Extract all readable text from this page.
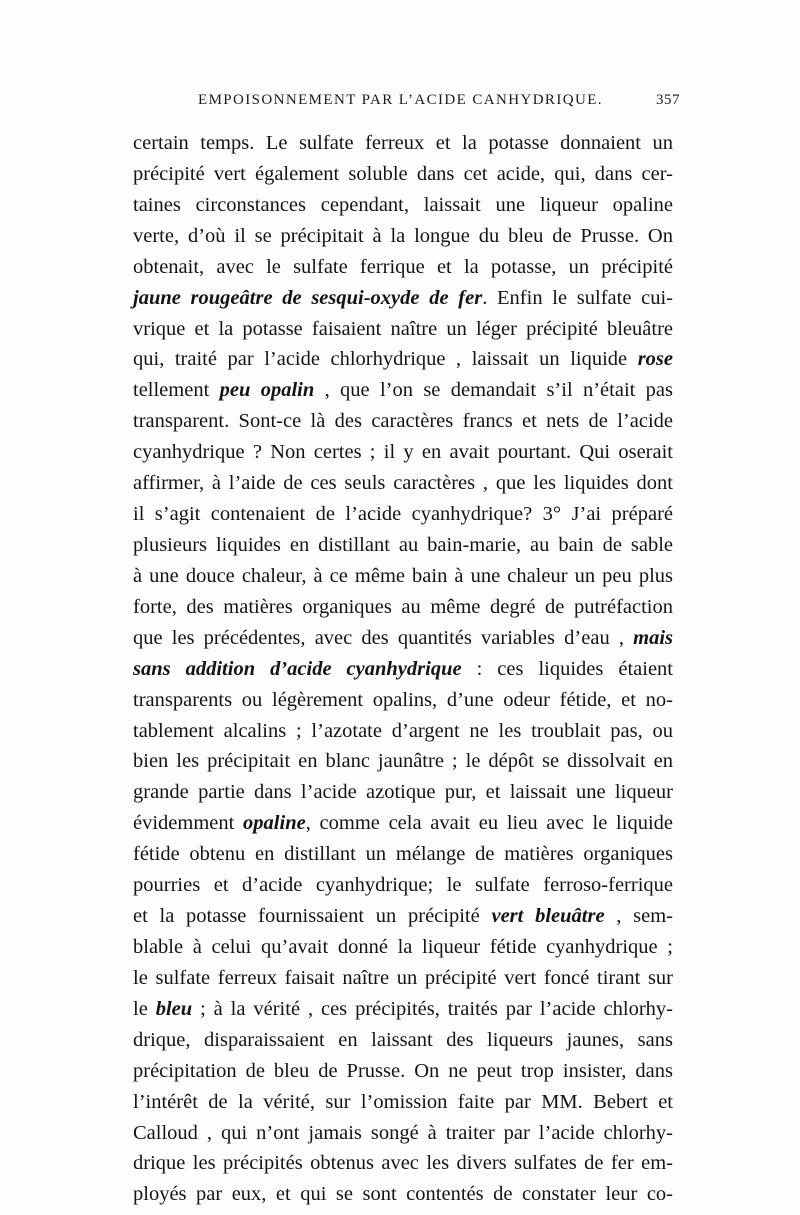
EMPOISONNEMENT PAR L’ACIDE CANHYDRIQUE.	357
certain temps. Le sulfate ferreux et la potasse donnaient un
précipité vert également soluble dans cet acide, qui, dans cer-
taines circonstances cependant, laissait une liqueur opaline
verte, d’où il se précipitait à la longue du bleu de Prusse. On
obtenait, avec le sulfate ferrique et la potasse, un précipité
jaune rougeâtre de sesqui-oxyde de fer. Enfin le sulfate cui-
vrique et la potasse faisaient naître un léger précipité bleuâtre
qui, traité par l’acide chlorhydrique , laissait un liquide rose
tellement peu opalin , que l’on se demandait s’il n’était pas
transparent. Sont-ce là des caractères francs et nets de l’acide
cyanhydrique ? Non certes ; il y en avait pourtant. Qui oserait
affirmer, à l’aide de ces seuls caractères , que les liquides dont
il s’agit contenaient de l’acide cyanhydrique? 3° J’ai préparé
plusieurs liquides en distillant au bain-marie, au bain de sable
à une douce chaleur, à ce même bain à une chaleur un peu plus
forte, des matières organiques au même degré de putréfaction
que les précédentes, avec des quantités variables d’eau , mais
sans addition d’acide cyanhydrique : ces liquides étaient
transparents ou légèrement opalins, d’une odeur fétide, et no-
tablement alcalins ; l’azotate d’argent ne les troublait pas, ou
bien les précipitait en blanc jaunâtre ; le dépôt se dissolvait en
grande partie dans l’acide azotique pur, et laissait une liqueur
évidemment opaline, comme cela avait eu lieu avec le liquide
fétide obtenu en distillant un mélange de matières organiques
pourries et d’acide cyanhydrique; le sulfate ferroso-ferrique
et la potasse fournissaient un précipité vert bleuâtre , sem-
blable à celui qu’avait donné la liqueur fétide cyanhydrique ;
le sulfate ferreux faisait naître un précipité vert foncé tirant sur
le bleu ; à la vérité , ces précipités, traités par l’acide chlorhy-
drique, disparaissaient en laissant des liqueurs jaunes, sans
précipitation de bleu de Prusse. On ne peut trop insister, dans
l’intérêt de la vérité, sur l’omission faite par MM. Bebert et
Calloud , qui n’ont jamais songé à traiter par l’acide chlorhy-
drique les précipités obtenus avec les divers sulfates de fer em-
ployés par eux, et qui se sont contentés de constater leur co-
